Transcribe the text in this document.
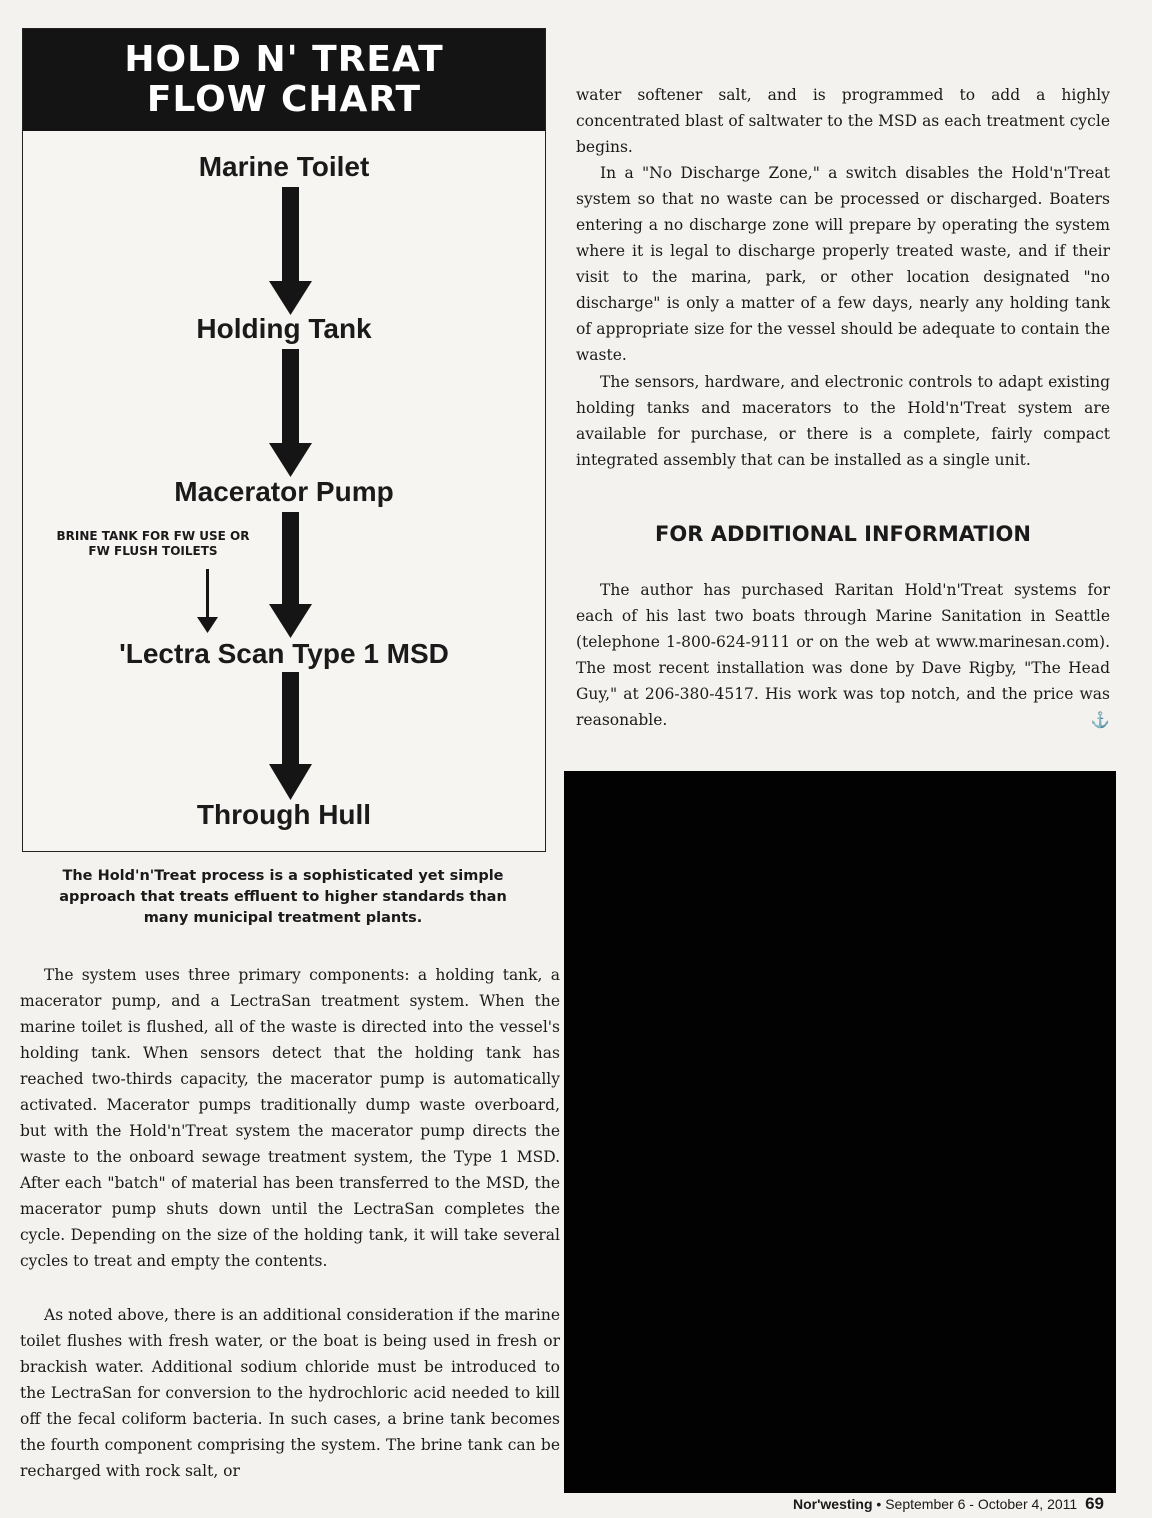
HOLD N' TREAT
FLOW CHART
Marine Toilet
Holding Tank
Macerator Pump
'Lectra Scan Type 1 MSD
Through Hull
BRINE TANK FOR FW USE OR
FW FLUSH TOILETS
The Hold'n'Treat process is a sophisticated yet simple approach that treats effluent to higher standards than many municipal treatment plants.

The system uses three primary components: a holding tank, a macerator pump, and a LectraSan treatment system. When the marine toilet is flushed, all of the waste is directed into the vessel's holding tank. When sensors detect that the holding tank has reached two-thirds capacity, the macerator pump is automatically activated. Macerator pumps traditionally dump waste overboard, but with the Hold'n'Treat system the macerator pump directs the waste to the onboard sewage treatment system, the Type 1 MSD. After each "batch" of material has been transferred to the MSD, the macerator pump shuts down until the LectraSan completes the cycle. Depending on the size of the holding tank, it will take several cycles to treat and empty the contents.

As noted above, there is an additional consideration if the marine toilet flushes with fresh water, or the boat is being used in fresh or brackish water. Additional sodium chloride must be introduced to the LectraSan for conversion to the hydrochloric acid needed to kill off the fecal coliform bacteria. In such cases, a brine tank becomes the fourth component comprising the system. The brine tank can be recharged with rock salt, or

water softener salt, and is programmed to add a highly concentrated blast of saltwater to the MSD as each treatment cycle begins.

In a "No Discharge Zone," a switch disables the Hold'n'Treat system so that no waste can be processed or discharged. Boaters entering a no discharge zone will prepare by operating the system where it is legal to discharge properly treated waste, and if their visit to the marina, park, or other location designated "no discharge" is only a matter of a few days, nearly any holding tank of appropriate size for the vessel should be adequate to contain the waste.

The sensors, hardware, and electronic controls to adapt existing holding tanks and macerators to the Hold'n'Treat system are available for purchase, or there is a complete, fairly compact integrated assembly that can be installed as a single unit.

FOR ADDITIONAL INFORMATION

The author has purchased Raritan Hold'n'Treat systems for each of his last two boats through Marine Sanitation in Seattle (telephone 1-800-624-9111 or on the web at www.marinesan.com). The most recent installation was done by Dave Rigby, "The Head Guy," at 206-380-4517. His work was top notch, and the price was reasonable.	⚓

Nor'westing • September 6 - October 4, 2011 69
